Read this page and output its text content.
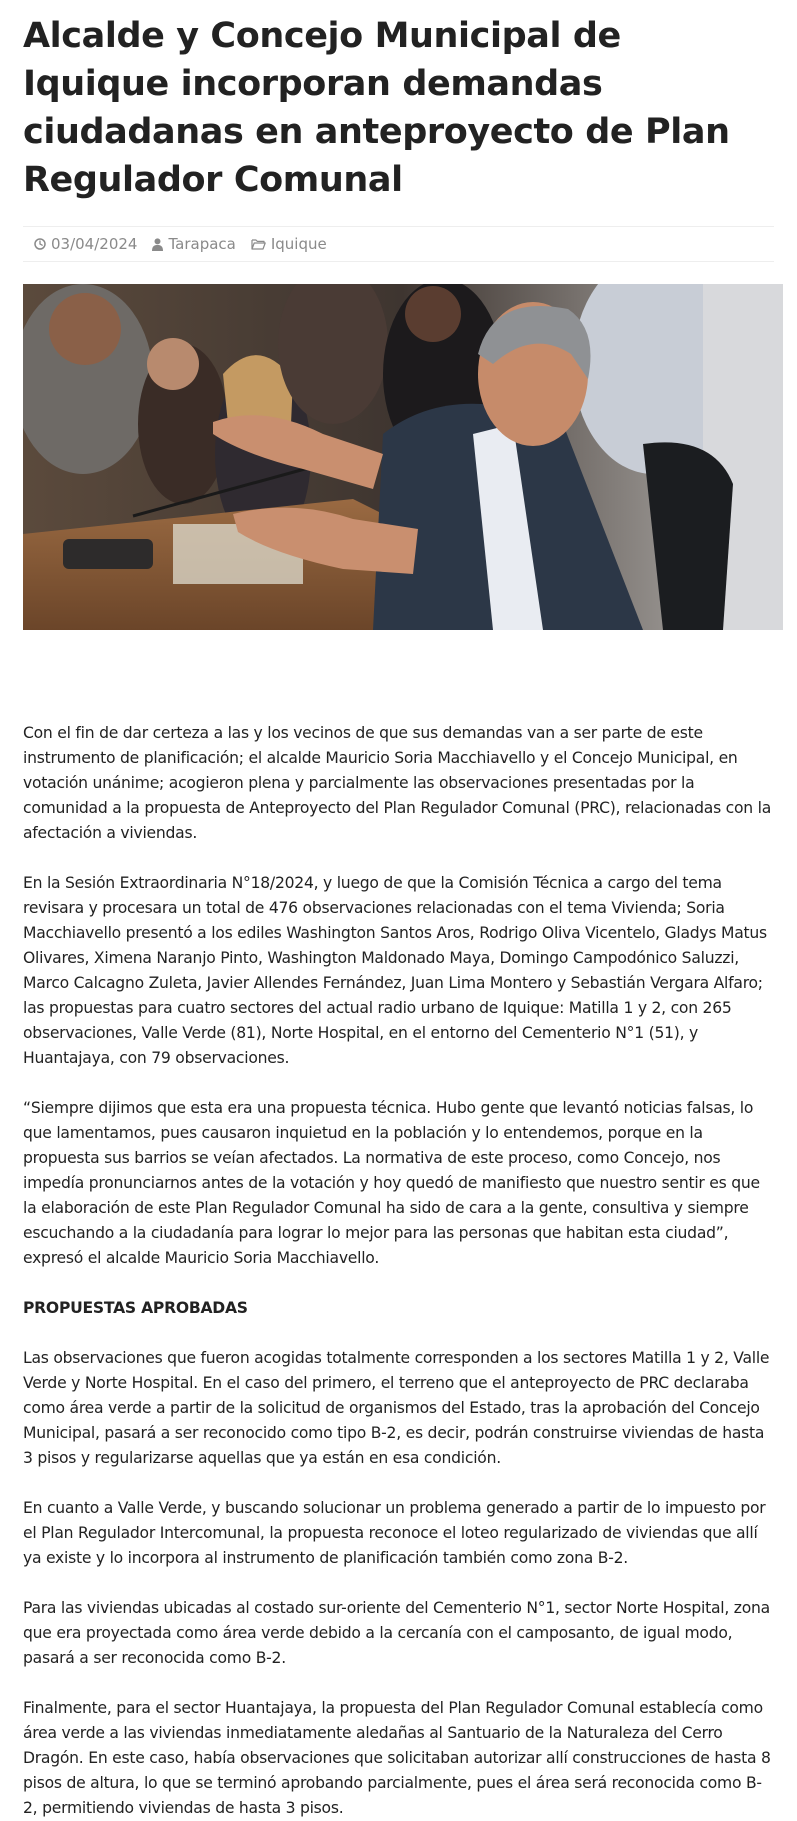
Alcalde y Concejo Municipal de Iquique incorporan demandas ciudadanas en anteproyecto de Plan Regulador Comunal
03/04/2024 Tarapaca Iquique

Con el fin de dar certeza a las y los vecinos de que sus demandas van a ser parte de este instrumento de planificación; el alcalde Mauricio Soria Macchiavello y el Concejo Municipal, en votación unánime; acogieron plena y parcialmente las observaciones presentadas por la comunidad a la propuesta de Anteproyecto del Plan Regulador Comunal (PRC), relacionadas con la afectación a viviendas.

En la Sesión Extraordinaria N°18/2024, y luego de que la Comisión Técnica a cargo del tema revisara y procesara un total de 476 observaciones relacionadas con el tema Vivienda; Soria Macchiavello presentó a los ediles Washington Santos Aros, Rodrigo Oliva Vicentelo, Gladys Matus Olivares, Ximena Naranjo Pinto, Washington Maldonado Maya, Domingo Campodónico Saluzzi, Marco Calcagno Zuleta, Javier Allendes Fernández, Juan Lima Montero y Sebastián Vergara Alfaro; las propuestas para cuatro sectores del actual radio urbano de Iquique: Matilla 1 y 2, con 265 observaciones, Valle Verde (81), Norte Hospital, en el entorno del Cementerio N°1 (51), y Huantajaya, con 79 observaciones.

“Siempre dijimos que esta era una propuesta técnica. Hubo gente que levantó noticias falsas, lo que lamentamos, pues causaron inquietud en la población y lo entendemos, porque en la propuesta sus barrios se veían afectados. La normativa de este proceso, como Concejo, nos impedía pronunciarnos antes de la votación y hoy quedó de manifiesto que nuestro sentir es que la elaboración de este Plan Regulador Comunal ha sido de cara a la gente, consultiva y siempre escuchando a la ciudadanía para lograr lo mejor para las personas que habitan esta ciudad”, expresó el alcalde Mauricio Soria Macchiavello.

PROPUESTAS APROBADAS

Las observaciones que fueron acogidas totalmente corresponden a los sectores Matilla 1 y 2, Valle Verde y Norte Hospital. En el caso del primero, el terreno que el anteproyecto de PRC declaraba como área verde a partir de la solicitud de organismos del Estado, tras la aprobación del Concejo Municipal, pasará a ser reconocido como tipo B-2, es decir, podrán construirse viviendas de hasta 3 pisos y regularizarse aquellas que ya están en esa condición.

En cuanto a Valle Verde, y buscando solucionar un problema generado a partir de lo impuesto por el Plan Regulador Intercomunal, la propuesta reconoce el loteo regularizado de viviendas que allí ya existe y lo incorpora al instrumento de planificación también como zona B-2.

Para las viviendas ubicadas al costado sur-oriente del Cementerio N°1, sector Norte Hospital, zona que era proyectada como área verde debido a la cercanía con el camposanto, de igual modo, pasará a ser reconocida como B-2.

Finalmente, para el sector Huantajaya, la propuesta del Plan Regulador Comunal establecía como área verde a las viviendas inmediatamente aledañas al Santuario de la Naturaleza del Cerro Dragón. En este caso, había observaciones que solicitaban autorizar allí construcciones de hasta 8 pisos de altura, lo que se terminó aprobando parcialmente, pues el área será reconocida como B-2, permitiendo viviendas de hasta 3 pisos.
